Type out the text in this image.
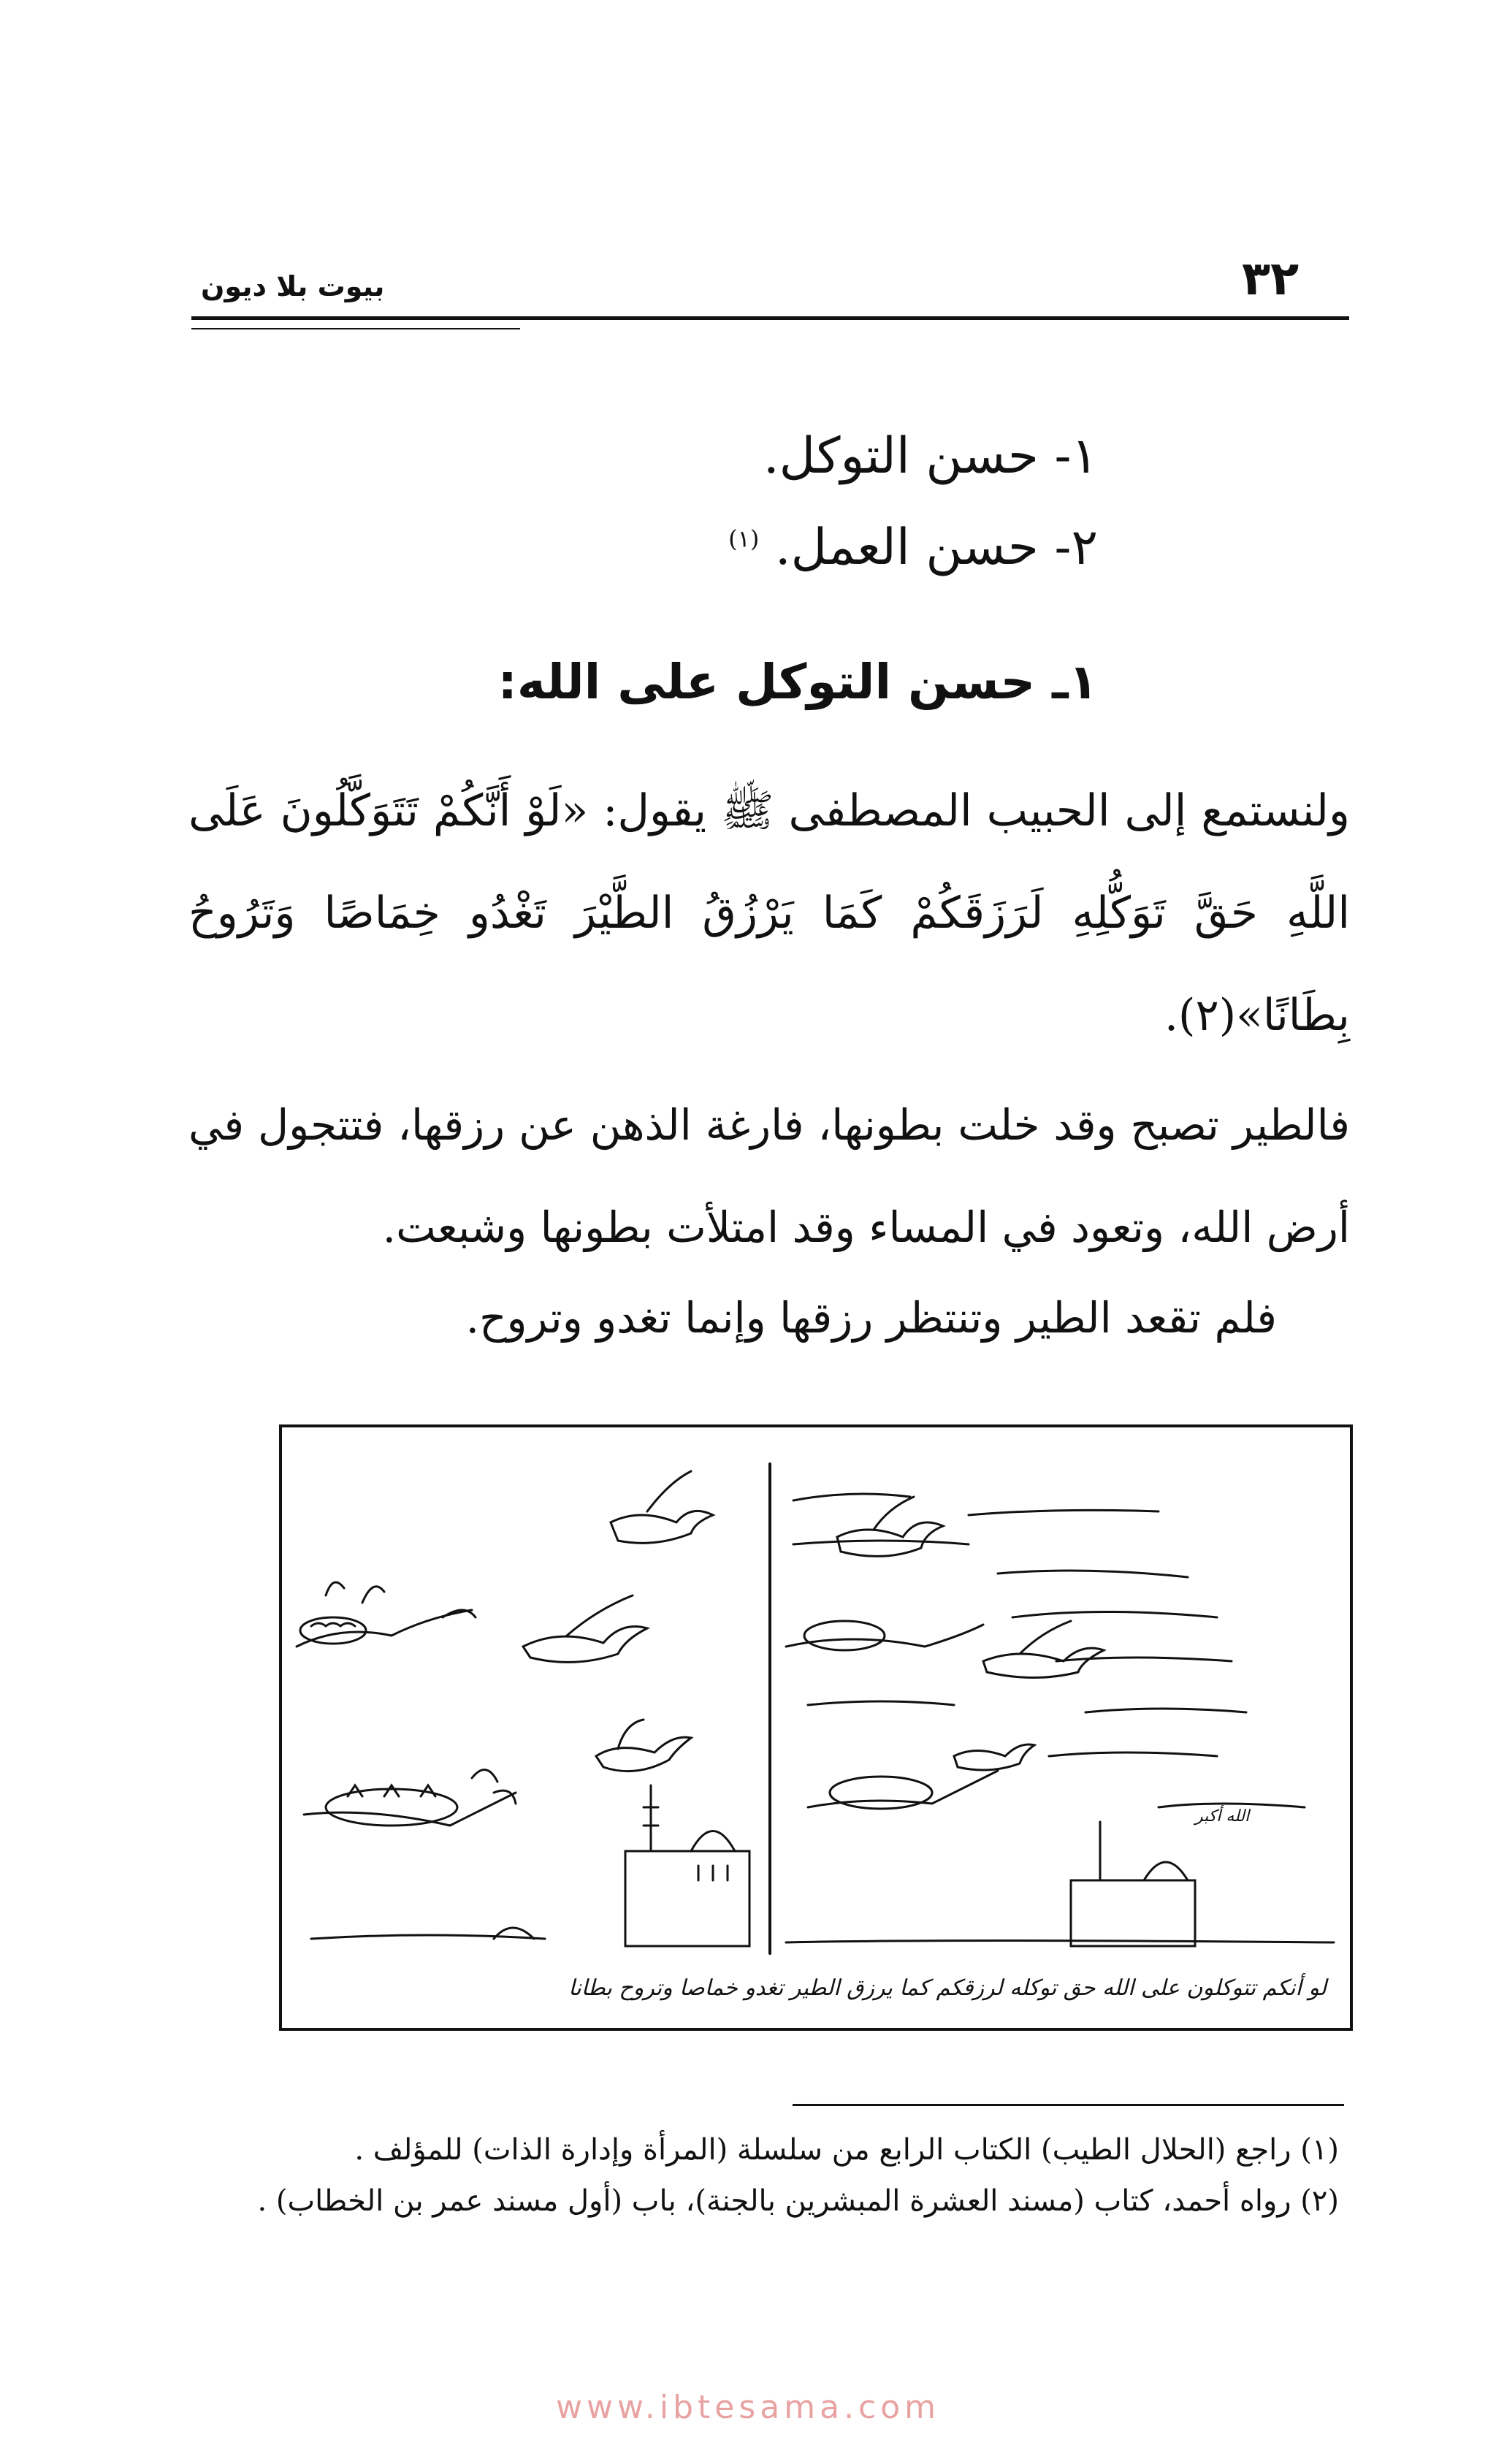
٣٢
بيوت بلا ديون
١- حسن التوكل.
٢- حسن العمل. $^{(١)}$
١ـ حسن التوكل على الله:
ولنستمع إلى الحبيب المصطفى ﷺ يقول: «لَوْ أَنَّكُمْ تَتَوَكَّلُونَ عَلَى اللَّهِ حَقَّ تَوَكُّلِهِ لَرَزَقَكُمْ كَمَا يَرْزُقُ الطَّيْرَ تَغْدُو خِمَاصًا وَتَرُوحُ بِطَانًا»(٢).
فالطير تصبح وقد خلت بطونها، فارغة الذهن عن رزقها، فتتجول في أرض الله، وتعود في المساء وقد امتلأت بطونها وشبعت.
فلم تقعد الطير وتنتظر رزقها وإنما تغدو وتروح.
لو أنكم تتوكلون على الله حق توكله لرزقكم كما يرزق الطير تغدو خماصا وتروح بطانا
الله أكبر
(١) راجع (الحلال الطيب) الكتاب الرابع من سلسلة (المرأة وإدارة الذات) للمؤلف .
(٢) رواه أحمد، كتاب (مسند العشرة المبشرين بالجنة)، باب (أول مسند عمر بن الخطاب) .
www.ibtesama.com
